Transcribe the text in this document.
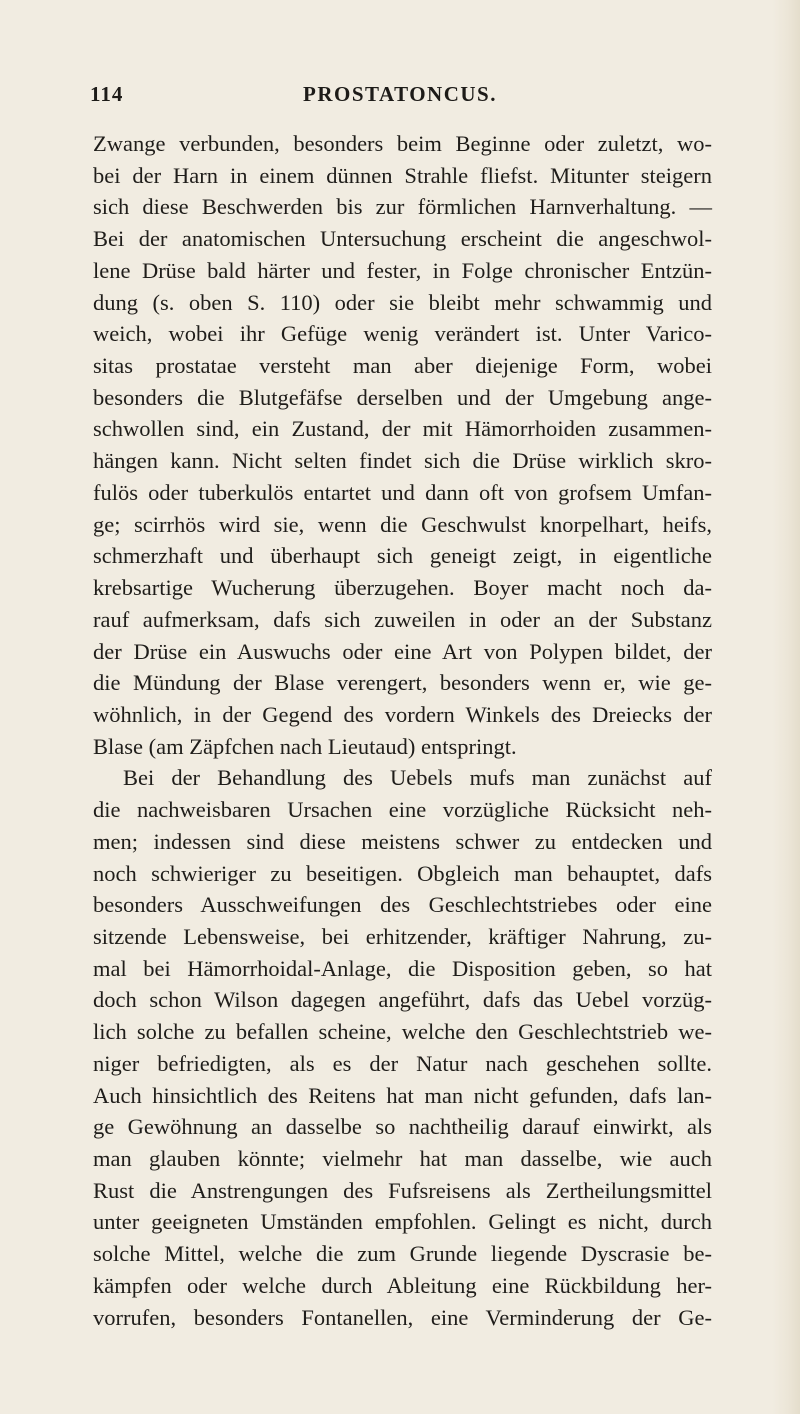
114	PROSTATONCUS.
Zwange verbunden, besonders beim Beginne oder zuletzt, wo-
bei der Harn in einem dünnen Strahle fliefst. Mitunter steigern
sich diese Beschwerden bis zur förmlichen Harnverhaltung. —
Bei der anatomischen Untersuchung erscheint die angeschwol-
lene Drüse bald härter und fester, in Folge chronischer Entzün-
dung (s. oben S. 110) oder sie bleibt mehr schwammig und
weich, wobei ihr Gefüge wenig verändert ist. Unter Varico-
sitas prostatae versteht man aber diejenige Form, wobei
besonders die Blutgefäfse derselben und der Umgebung ange-
schwollen sind, ein Zustand, der mit Hämorrhoiden zusammen-
hängen kann. Nicht selten findet sich die Drüse wirklich skro-
fulös oder tuberkulös entartet und dann oft von grofsem Umfan-
ge; scirrhös wird sie, wenn die Geschwulst knorpelhart, heifs,
schmerzhaft und überhaupt sich geneigt zeigt, in eigentliche
krebsartige Wucherung überzugehen. Boyer macht noch da-
rauf aufmerksam, dafs sich zuweilen in oder an der Substanz
der Drüse ein Auswuchs oder eine Art von Polypen bildet, der
die Mündung der Blase verengert, besonders wenn er, wie ge-
wöhnlich, in der Gegend des vordern Winkels des Dreiecks der
Blase (am Zäpfchen nach Lieutaud) entspringt.
Bei der Behandlung des Uebels mufs man zunächst auf
die nachweisbaren Ursachen eine vorzügliche Rücksicht neh-
men; indessen sind diese meistens schwer zu entdecken und
noch schwieriger zu beseitigen. Obgleich man behauptet, dafs
besonders Ausschweifungen des Geschlechtstriebes oder eine
sitzende Lebensweise, bei erhitzender, kräftiger Nahrung, zu-
mal bei Hämorrhoidal-Anlage, die Disposition geben, so hat
doch schon Wilson dagegen angeführt, dafs das Uebel vorzüg-
lich solche zu befallen scheine, welche den Geschlechtstrieb we-
niger befriedigten, als es der Natur nach geschehen sollte.
Auch hinsichtlich des Reitens hat man nicht gefunden, dafs lan-
ge Gewöhnung an dasselbe so nachtheilig darauf einwirkt, als
man glauben könnte; vielmehr hat man dasselbe, wie auch
Rust die Anstrengungen des Fufsreisens als Zertheilungsmittel
unter geeigneten Umständen empfohlen. Gelingt es nicht, durch
solche Mittel, welche die zum Grunde liegende Dyscrasie be-
kämpfen oder welche durch Ableitung eine Rückbildung her-
vorrufen, besonders Fontanellen, eine Verminderung der Ge-
